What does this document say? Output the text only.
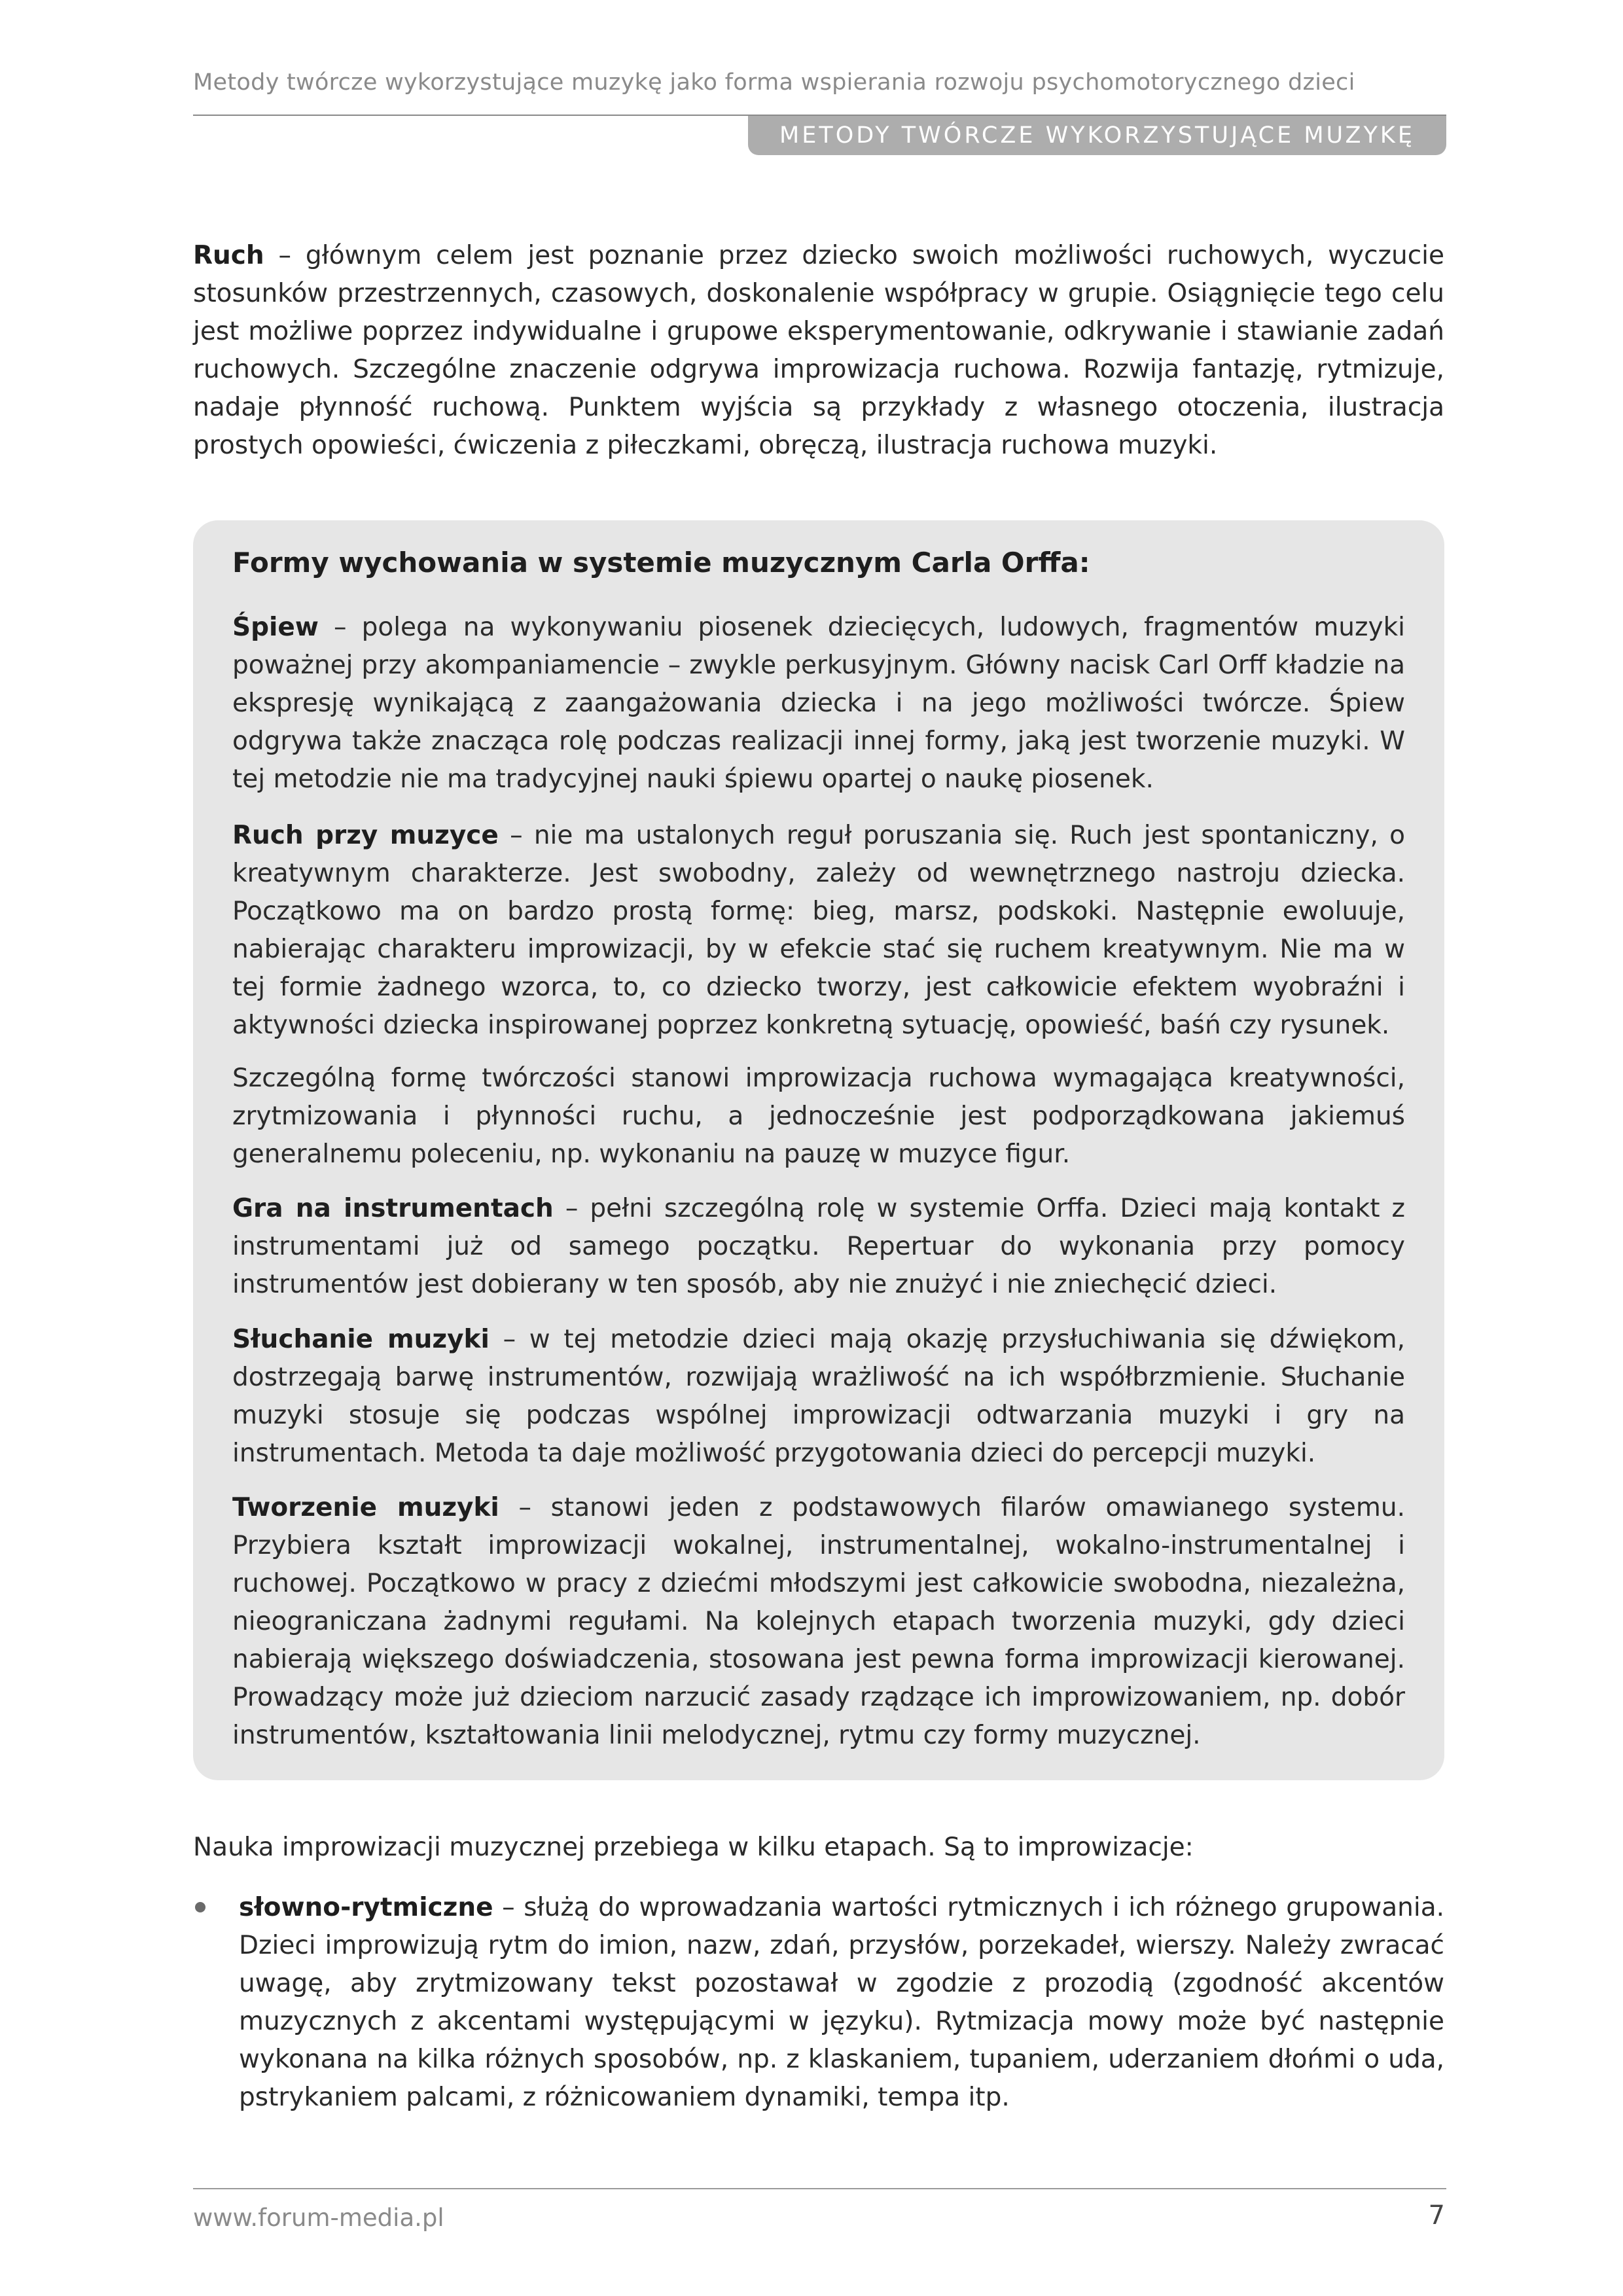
Metody twórcze wykorzystujące muzykę jako forma wspierania rozwoju psychomotorycznego dzieci
METODY TWÓRCZE WYKORZYSTUJĄCE MUZYKĘ

Ruch – głównym celem jest poznanie przez dziecko swoich możliwości ruchowych, wyczucie stosunków przestrzennych, czasowych, doskonalenie współpracy w grupie. Osiągnięcie tego celu jest możliwe poprzez indywidualne i grupowe eksperymentowanie, odkrywanie i stawianie zadań ruchowych. Szczególne znaczenie odgrywa improwizacja ruchowa. Rozwija fantazję, rytmizuje, nadaje płynność ruchową. Punktem wyjścia są przykłady z własnego otoczenia, ilustracja prostych opowieści, ćwiczenia z piłeczkami, obręczą, ilustracja ruchowa muzyki.

Formy wychowania w systemie muzycznym Carla Orffa:

Śpiew – polega na wykonywaniu piosenek dziecięcych, ludowych, fragmentów muzyki poważnej przy akompaniamencie – zwykle perkusyjnym. Główny nacisk Carl Orff kładzie na ekspresję wynikającą z zaangażowania dziecka i na jego możliwości twórcze. Śpiew odgrywa także znacząca rolę podczas realizacji innej formy, jaką jest tworzenie muzyki. W tej metodzie nie ma tradycyjnej nauki śpiewu opartej o naukę piosenek.

Ruch przy muzyce – nie ma ustalonych reguł poruszania się. Ruch jest spontaniczny, o kreatywnym charakterze. Jest swobodny, zależy od wewnętrznego nastroju dziecka. Początkowo ma on bardzo prostą formę: bieg, marsz, podskoki. Następnie ewoluuje, nabierając charakteru improwizacji, by w efekcie stać się ruchem kreatywnym. Nie ma w tej formie żadnego wzorca, to, co dziecko tworzy, jest całkowicie efektem wyobraźni i aktywności dziecka inspirowanej poprzez konkretną sytuację, opowieść, baśń czy rysunek.

Szczególną formę twórczości stanowi improwizacja ruchowa wymagająca kreatywności, zrytmizowania i płynności ruchu, a jednocześnie jest podporządkowana jakiemuś generalnemu poleceniu, np. wykonaniu na pauzę w muzyce figur.

Gra na instrumentach – pełni szczególną rolę w systemie Orffa. Dzieci mają kontakt z instrumentami już od samego początku. Repertuar do wykonania przy pomocy instrumentów jest dobierany w ten sposób, aby nie znużyć i nie zniechęcić dzieci.

Słuchanie muzyki – w tej metodzie dzieci mają okazję przysłuchiwania się dźwiękom, dostrzegają barwę instrumentów, rozwijają wrażliwość na ich współbrzmienie. Słuchanie muzyki stosuje się podczas wspólnej improwizacji odtwarzania muzyki i gry na instrumentach. Metoda ta daje możliwość przygotowania dzieci do percepcji muzyki.

Tworzenie muzyki – stanowi jeden z podstawowych filarów omawianego systemu. Przybiera kształt improwizacji wokalnej, instrumentalnej, wokalno-instrumentalnej i ruchowej. Początkowo w pracy z dziećmi młodszymi jest całkowicie swobodna, niezależna, nieograniczana żadnymi regułami. Na kolejnych etapach tworzenia muzyki, gdy dzieci nabierają większego doświadczenia, stosowana jest pewna forma improwizacji kierowanej. Prowadzący może już dzieciom narzucić zasady rządzące ich improwizowaniem, np. dobór instrumentów, kształtowania linii melodycznej, rytmu czy formy muzycznej.

Nauka improwizacji muzycznej przebiega w kilku etapach. Są to improwizacje:

słowno-rytmiczne – służą do wprowadzania wartości rytmicznych i ich różnego grupowania. Dzieci improwizują rytm do imion, nazw, zdań, przysłów, porzekadeł, wierszy. Należy zwracać uwagę, aby zrytmizowany tekst pozostawał w zgodzie z prozodią (zgodność akcentów muzycznych z akcentami występującymi w języku). Rytmizacja mowy może być następnie wykonana na kilka różnych sposobów, np. z klaskaniem, tupaniem, uderzaniem dłońmi o uda, pstrykaniem palcami, z różnicowaniem dynamiki, tempa itp.

www.forum-media.pl	7
